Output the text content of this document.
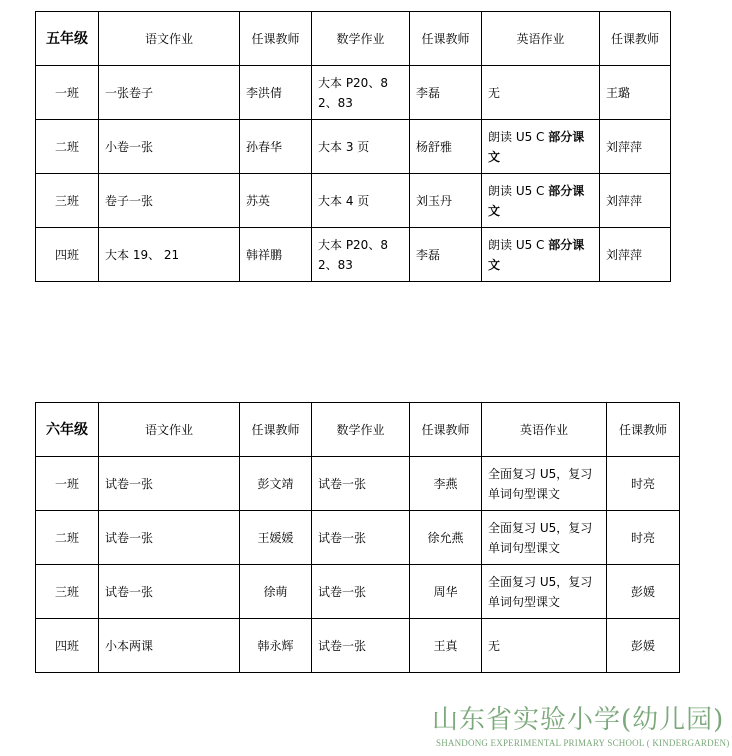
五年级	语文作业	任课教师	数学作业	任课教师	英语作业	任课教师
一班	一张卷子	李洪倩	大本 P20、82、83	李磊	无	王璐
二班	小卷一张	孙春华	大本 3 页	杨舒雅	朗读 U5 C 部分课文	刘萍萍
三班	卷子一张	苏英	大本 4 页	刘玉丹	朗读 U5 C 部分课文	刘萍萍
四班	大本 19、 21	韩祥鹏	大本 P20、82、83	李磊	朗读 U5 C 部分课文	刘萍萍
六年级	语文作业	任课教师	数学作业	任课教师	英语作业	任课教师
一班	试卷一张	彭文靖	试卷一张	李燕	全面复习 U5，复习单词句型课文	时亮
二班	试卷一张	王媛媛	试卷一张	徐允燕	全面复习 U5，复习单词句型课文	时亮
三班	试卷一张	徐萌	试卷一张	周华	全面复习 U5，复习单词句型课文	彭媛
四班	小本两课	韩永辉	试卷一张	王真	无	彭媛
山东省实验小学(幼儿园)
SHANDONG EXPERIMENTAL PRIMARY SCHOOL ( KINDERGARDEN)
